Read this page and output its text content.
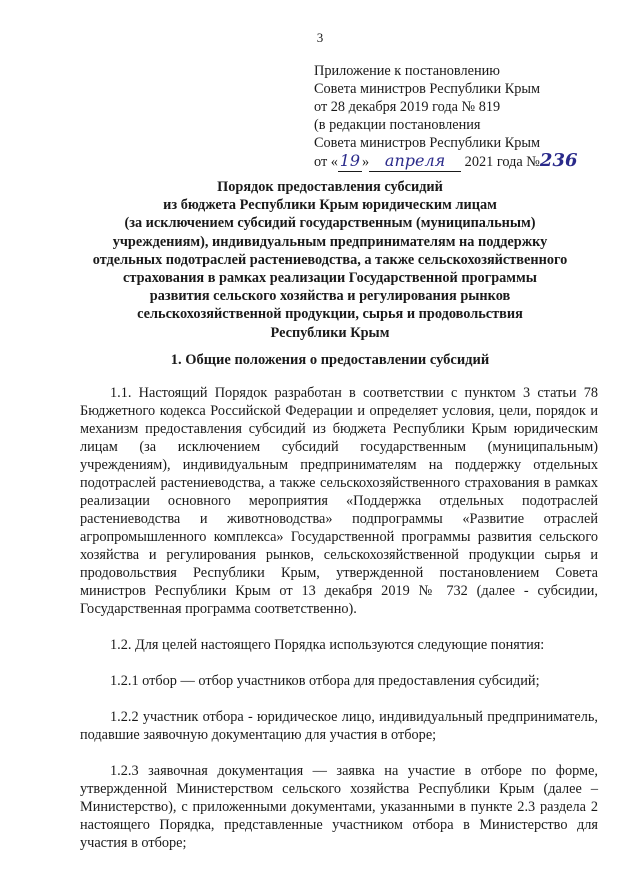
3
Приложение к постановлению
Совета министров Республики Крым
от 28 декабря 2019 года № 819
(в редакции постановления
Совета министров Республики Крым
от « 19 » апреля 2021 года №236
Порядок предоставления субсидий
из бюджета Республики Крым юридическим лицам
(за исключением субсидий государственным (муниципальным)
учреждениям), индивидуальным предпринимателям на поддержку
отдельных подотраслей растениеводства, а также сельскохозяйственного
страхования в рамках реализации Государственной программы
развития сельского хозяйства и регулирования рынков
сельскохозяйственной продукции, сырья и продовольствия
Республики Крым
1. Общие положения о предоставлении субсидий

1.1. Настоящий Порядок разработан в соответствии с пунктом 3 статьи 78 Бюджетного кодекса Российской Федерации и определяет условия, цели, порядок и механизм предоставления субсидий из бюджета Республики Крым юридическим лицам (за исключением субсидий государственным (муниципальным) учреждениям), индивидуальным предпринимателям на поддержку отдельных подотраслей растениеводства, а также сельскохозяйственного страхования в рамках реализации основного мероприятия «Поддержка отдельных подотраслей растениеводства и животноводства» подпрограммы «Развитие отраслей агропромышленного комплекса» Государственной программы развития сельского хозяйства и регулирования рынков, сельскохозяйственной продукции сырья и продовольствия Республики Крым, утвержденной постановлением Совета министров Республики Крым от 13 декабря 2019 № 732 (далее - субсидии, Государственная программа соответственно).

1.2. Для целей настоящего Порядка используются следующие понятия:

1.2.1 отбор — отбор участников отбора для предоставления субсидий;

1.2.2 участник отбора - юридическое лицо, индивидуальный предприниматель, подавшие заявочную документацию для участия в отборе;

1.2.3 заявочная документация — заявка на участие в отборе по форме, утвержденной Министерством сельского хозяйства Республики Крым (далее – Министерство), с приложенными документами, указанными в пункте 2.3 раздела 2 настоящего Порядка, представленные участником отбора в Министерство для участия в отборе;
